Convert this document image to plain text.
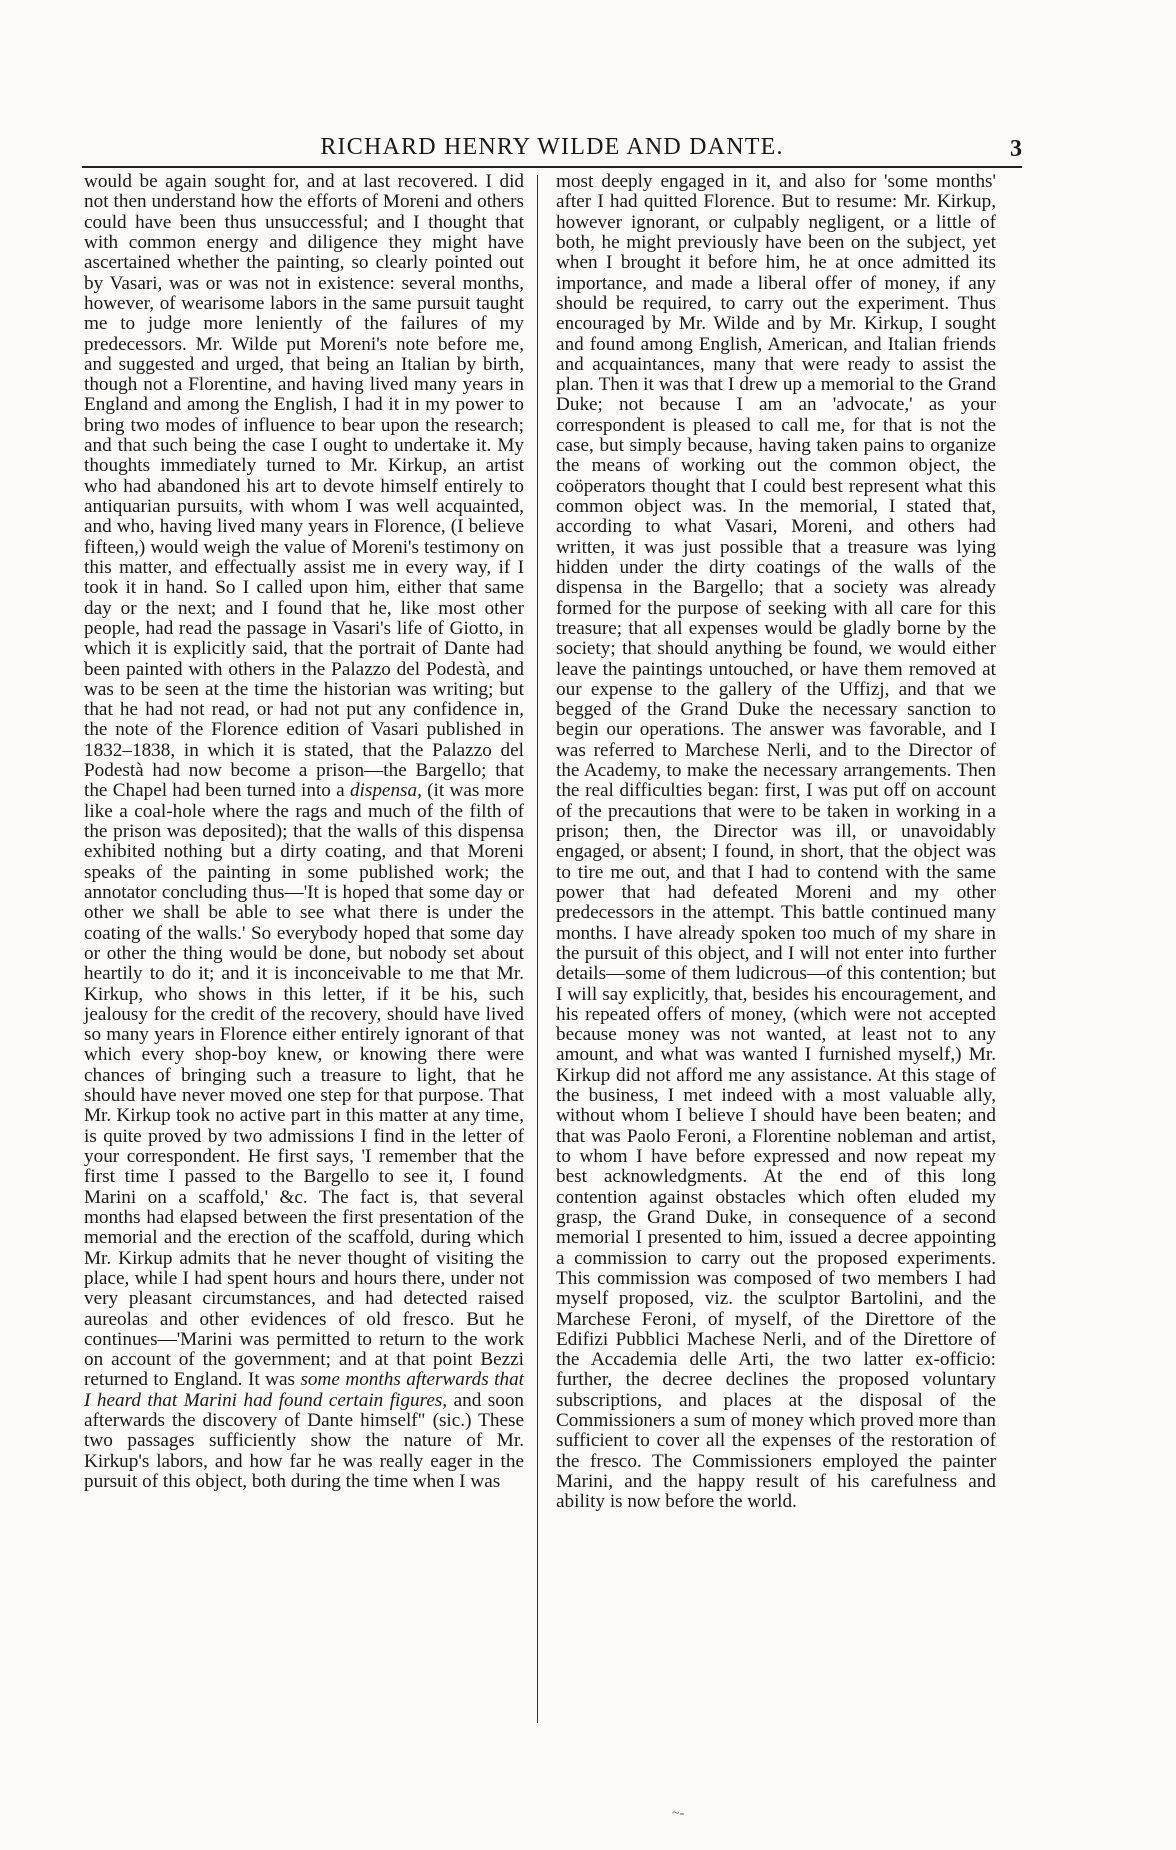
RICHARD HENRY WILDE AND DANTE.	3

would be again sought for, and at last recovered. I did not then understand how the efforts of Moreni and others could have been thus unsuccessful; and I thought that with common energy and diligence they might have ascertained whether the painting, so clearly pointed out by Vasari, was or was not in existence: several months, however, of wearisome labors in the same pursuit taught me to judge more leniently of the failures of my predecessors. Mr. Wilde put Moreni's note before me, and suggested and urged, that being an Italian by birth, though not a Florentine, and having lived many years in England and among the English, I had it in my power to bring two modes of influence to bear upon the research; and that such being the case I ought to undertake it. My thoughts immediately turned to Mr. Kirkup, an artist who had abandoned his art to devote himself entirely to antiquarian pursuits, with whom I was well acquainted, and who, having lived many years in Florence, (I believe fifteen,) would weigh the value of Moreni's testimony on this matter, and effectually assist me in every way, if I took it in hand. So I called upon him, either that same day or the next; and I found that he, like most other people, had read the passage in Vasari's life of Giotto, in which it is explicitly said, that the portrait of Dante had been painted with others in the Palazzo del Podestà, and was to be seen at the time the historian was writing; but that he had not read, or had not put any confidence in, the note of the Florence edition of Vasari published in 1832–1838, in which it is stated, that the Palazzo del Podestà had now become a prison—the Bargello; that the Chapel had been turned into a dispensa, (it was more like a coal-hole where the rags and much of the filth of the prison was deposited); that the walls of this dispensa exhibited nothing but a dirty coating, and that Moreni speaks of the painting in some published work; the annotator concluding thus—'It is hoped that some day or other we shall be able to see what there is under the coating of the walls.' So everybody hoped that some day or other the thing would be done, but nobody set about heartily to do it; and it is inconceivable to me that Mr. Kirkup, who shows in this letter, if it be his, such jealousy for the credit of the recovery, should have lived so many years in Florence either entirely ignorant of that which every shop-boy knew, or knowing there were chances of bringing such a treasure to light, that he should have never moved one step for that purpose. That Mr. Kirkup took no active part in this matter at any time, is quite proved by two admissions I find in the letter of your correspondent. He first says, 'I remember that the first time I passed to the Bargello to see it, I found Marini on a scaffold,' &c. The fact is, that several months had elapsed between the first presentation of the memorial and the erection of the scaffold, during which Mr. Kirkup admits that he never thought of visiting the place, while I had spent hours and hours there, under not very pleasant circumstances, and had detected raised aureolas and other evidences of old fresco. But he continues—'Marini was permitted to return to the work on account of the government; and at that point Bezzi returned to England. It was some months afterwards that I heard that Marini had found certain figures, and soon afterwards the discovery of Dante himself" (sic.) These two passages sufficiently show the nature of Mr. Kirkup's labors, and how far he was really eager in the pursuit of this object, both during the time when I was

most deeply engaged in it, and also for 'some months' after I had quitted Florence. But to resume: Mr. Kirkup, however ignorant, or culpably negligent, or a little of both, he might previously have been on the subject, yet when I brought it before him, he at once admitted its importance, and made a liberal offer of money, if any should be required, to carry out the experiment. Thus encouraged by Mr. Wilde and by Mr. Kirkup, I sought and found among English, American, and Italian friends and acquaintances, many that were ready to assist the plan. Then it was that I drew up a memorial to the Grand Duke; not because I am an 'advocate,' as your correspondent is pleased to call me, for that is not the case, but simply because, having taken pains to organize the means of working out the common object, the coöperators thought that I could best represent what this common object was. In the memorial, I stated that, according to what Vasari, Moreni, and others had written, it was just possible that a treasure was lying hidden under the dirty coatings of the walls of the dispensa in the Bargello; that a society was already formed for the purpose of seeking with all care for this treasure; that all expenses would be gladly borne by the society; that should anything be found, we would either leave the paintings untouched, or have them removed at our expense to the gallery of the Uffizj, and that we begged of the Grand Duke the necessary sanction to begin our operations. The answer was favorable, and I was referred to Marchese Nerli, and to the Director of the Academy, to make the necessary arrangements. Then the real difficulties began: first, I was put off on account of the precautions that were to be taken in working in a prison; then, the Director was ill, or unavoidably engaged, or absent; I found, in short, that the object was to tire me out, and that I had to contend with the same power that had defeated Moreni and my other predecessors in the attempt. This battle continued many months. I have already spoken too much of my share in the pursuit of this object, and I will not enter into further details—some of them ludicrous—of this contention; but I will say explicitly, that, besides his encouragement, and his repeated offers of money, (which were not accepted because money was not wanted, at least not to any amount, and what was wanted I furnished myself,) Mr. Kirkup did not afford me any assistance. At this stage of the business, I met indeed with a most valuable ally, without whom I believe I should have been beaten; and that was Paolo Feroni, a Florentine nobleman and artist, to whom I have before expressed and now repeat my best acknowledgments. At the end of this long contention against obstacles which often eluded my grasp, the Grand Duke, in consequence of a second memorial I presented to him, issued a decree appointing a commission to carry out the proposed experiments. This commission was composed of two members I had myself proposed, viz. the sculptor Bartolini, and the Marchese Feroni, of myself, of the Direttore of the Edifizi Pubblici Machese Nerli, and of the Direttore of the Accademia delle Arti, the two latter ex-officio: further, the decree declines the proposed voluntary subscriptions, and places at the disposal of the Commissioners a sum of money which proved more than sufficient to cover all the expenses of the restoration of the fresco. The Commissioners employed the painter Marini, and the happy result of his carefulness and ability is now before the world.

~-
